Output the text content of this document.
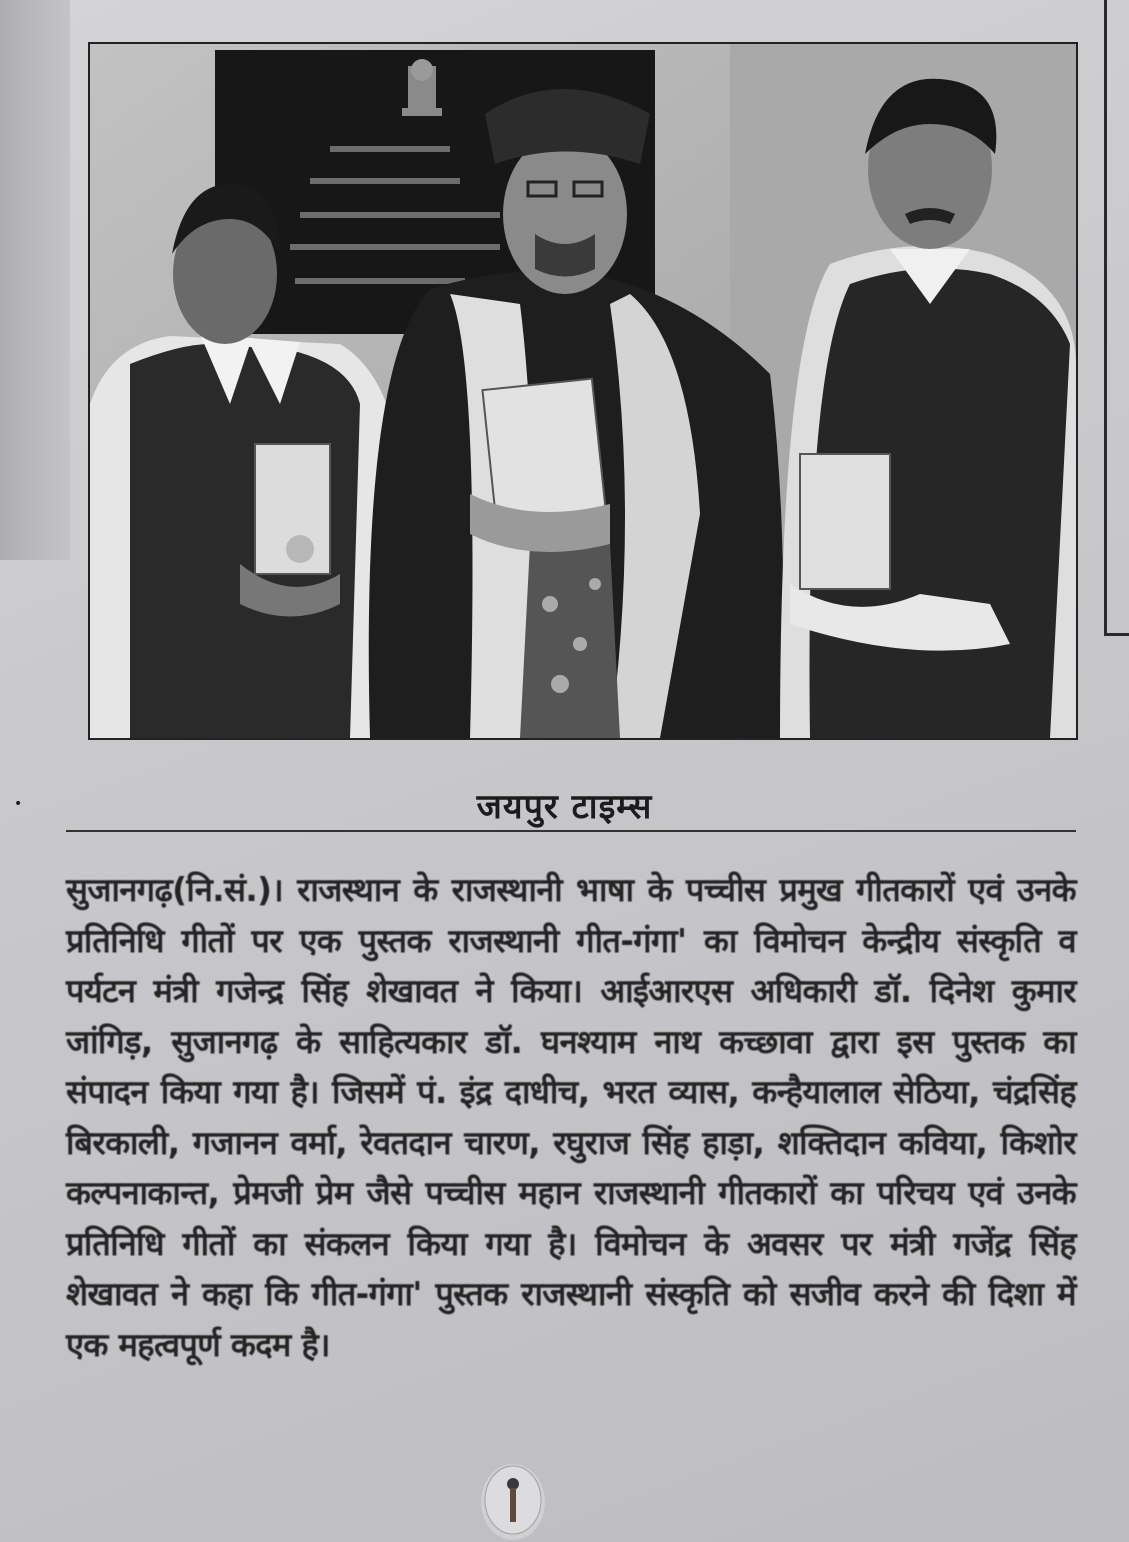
•	जयपुर टाइम्स
सुजानगढ़(नि.सं.)। राजस्थान के राजस्थानी भाषा के पच्चीस प्रमुख गीतकारों एवं उनके प्रतिनिधि गीतों पर एक पुस्तक राजस्थानी गीत-गंगा' का विमोचन केन्द्रीय संस्कृति व पर्यटन मंत्री गजेन्द्र सिंह शेखावत ने किया। आईआरएस अधिकारी डॉ. दिनेश कुमार जांगिड़, सुजानगढ़ के साहित्यकार डॉ. घनश्याम नाथ कच्छावा द्वारा इस पुस्तक का संपादन किया गया है। जिसमें पं. इंद्र दाधीच, भरत व्यास, कन्हैयालाल सेठिया, चंद्रसिंह बिरकाली, गजानन वर्मा, रेवतदान चारण, रघुराज सिंह हाड़ा, शक्तिदान कविया, किशोर कल्पनाकान्त, प्रेमजी प्रेम जैसे पच्चीस महान राजस्थानी गीतकारों का परिचय एवं उनके प्रतिनिधि गीतों का संकलन किया गया है। विमोचन के अवसर पर मंत्री गजेंद्र सिंह शेखावत ने कहा कि गीत-गंगा' पुस्तक राजस्थानी संस्कृति को सजीव करने की दिशा में एक महत्वपूर्ण कदम है।
